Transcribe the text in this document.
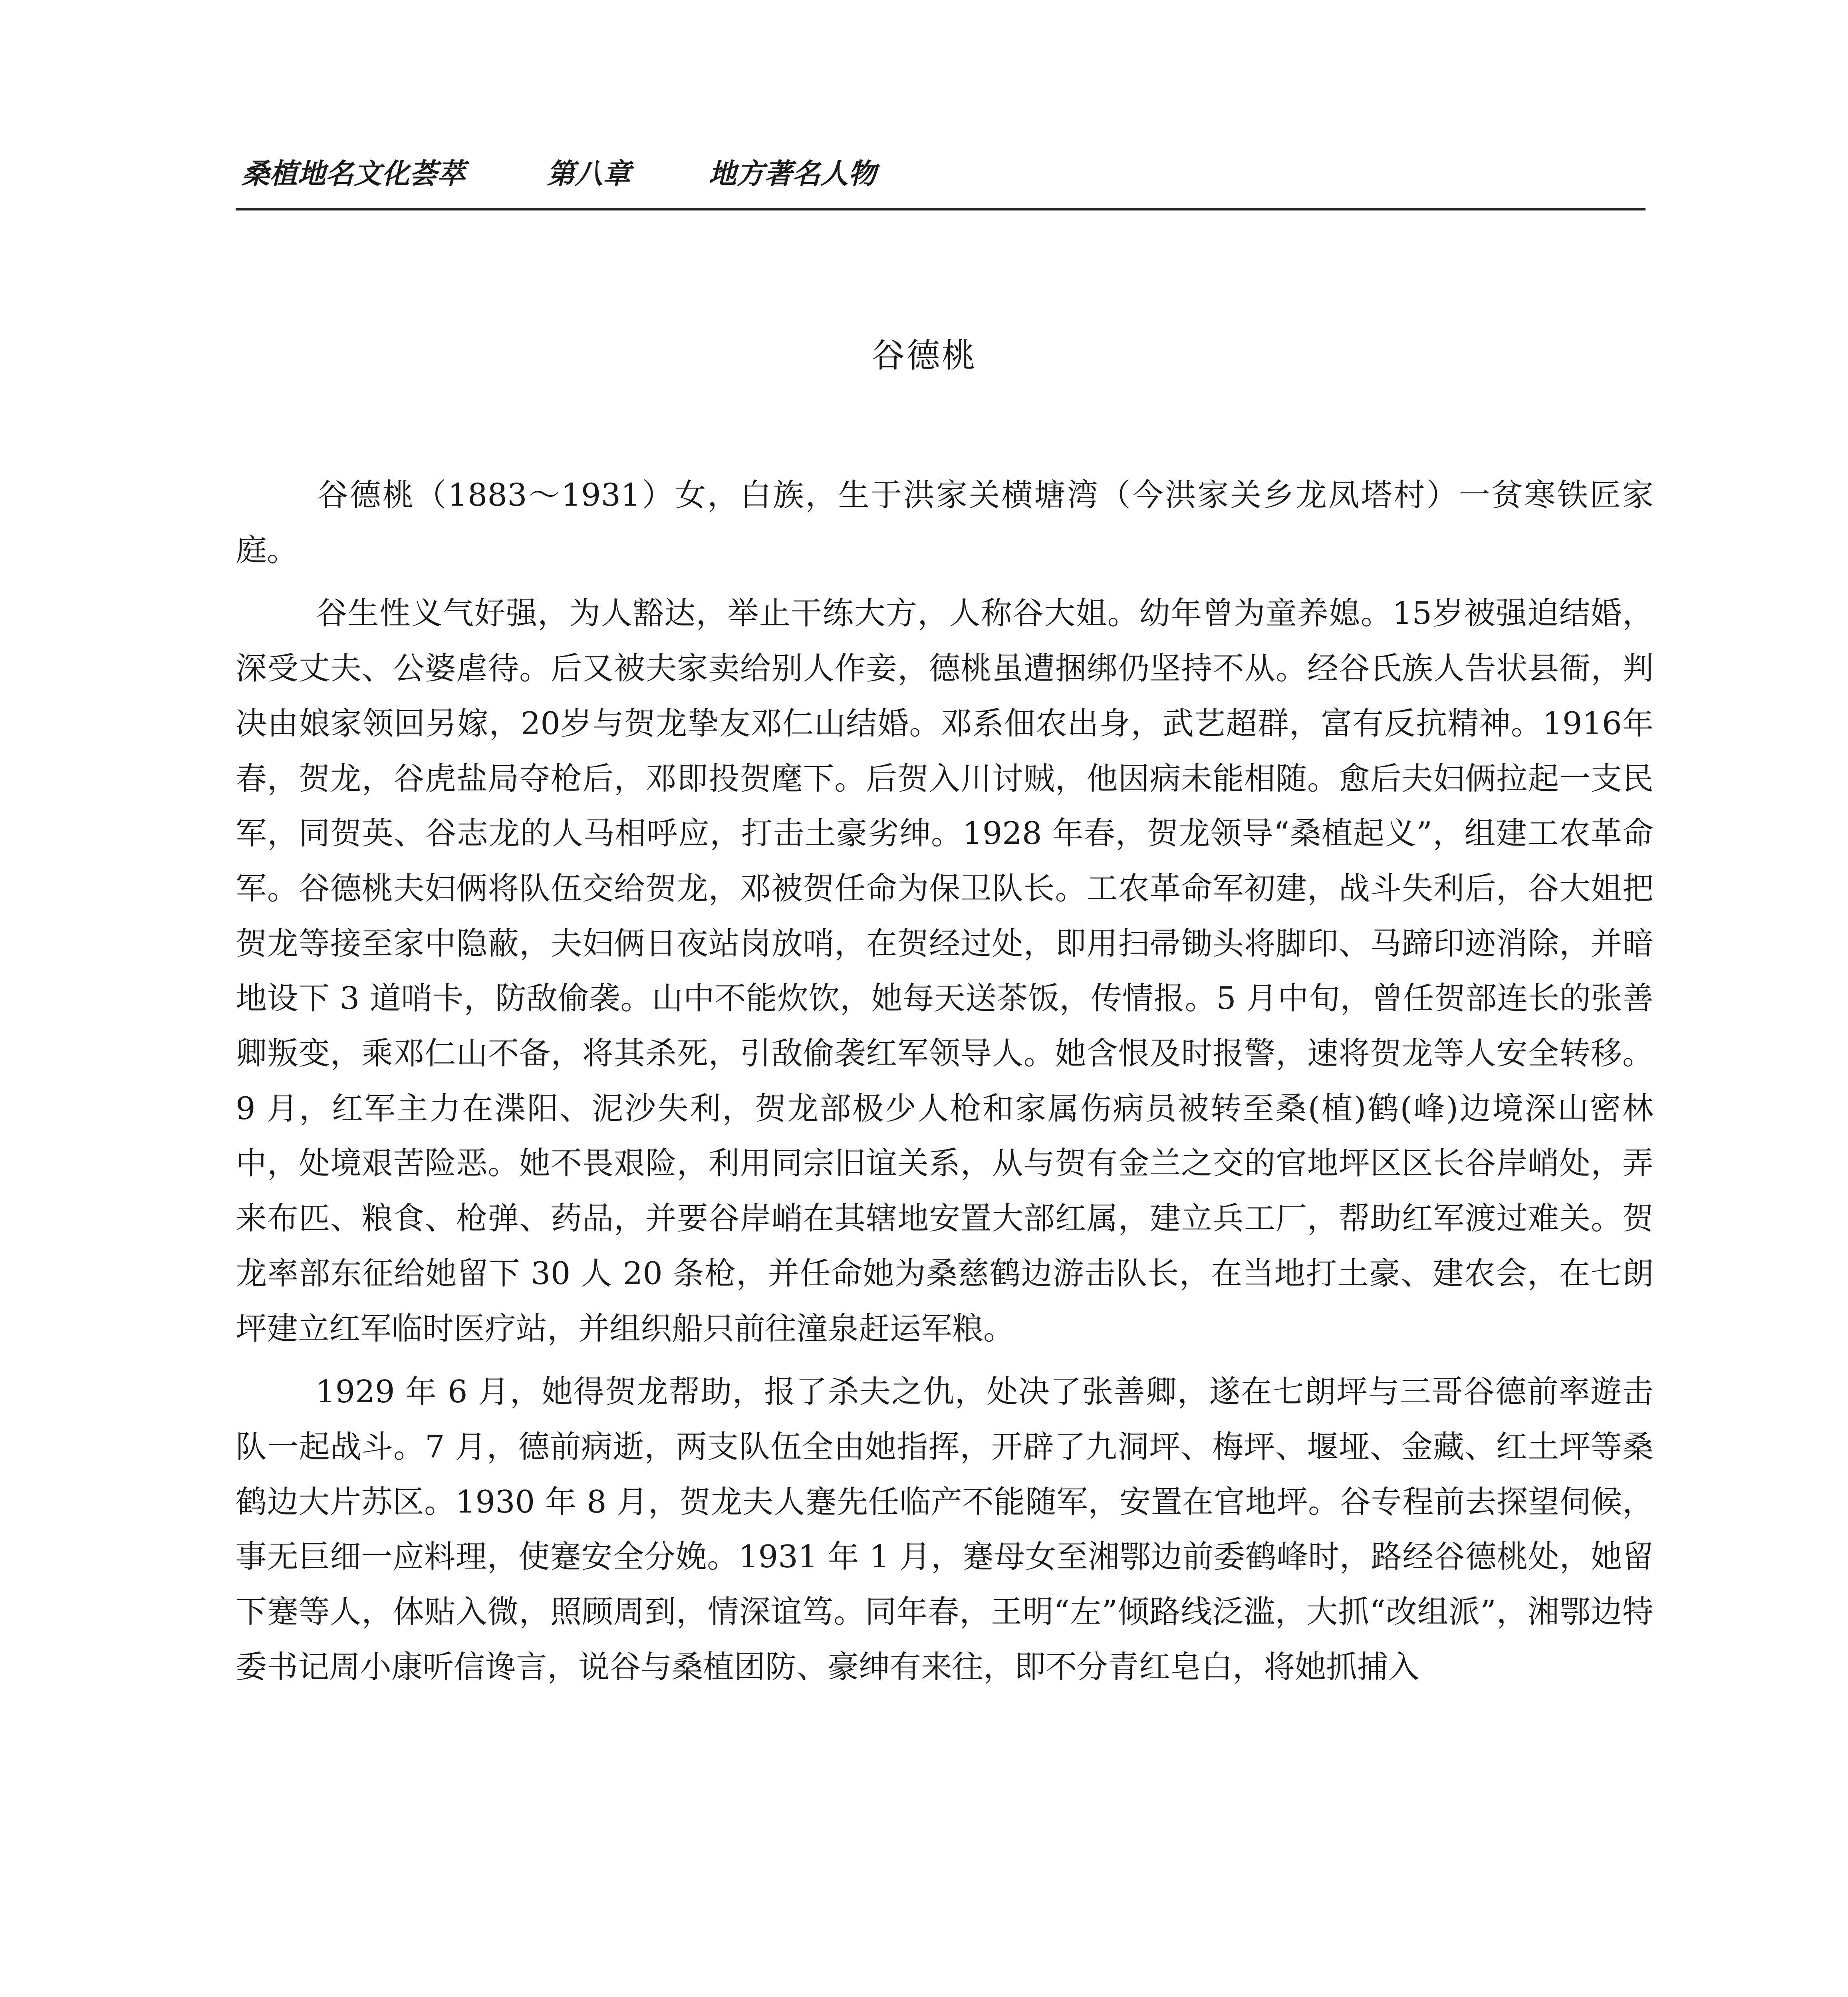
桑植地名文化荟萃	第八章	地方著名人物
谷德桃

谷德桃（1883～1931）女，白族，生于洪家关横塘湾（今洪家关乡龙凤塔村）一贫寒铁匠家庭。

谷生性义气好强，为人豁达，举止干练大方，人称谷大姐。幼年曾为童养媳。15岁被强迫结婚，深受丈夫、公婆虐待。后又被夫家卖给别人作妾，德桃虽遭捆绑仍坚持不从。经谷氏族人告状县衙，判决由娘家领回另嫁，20岁与贺龙挚友邓仁山结婚。邓系佃农出身，武艺超群，富有反抗精神。1916年春，贺龙，谷虎盐局夺枪后，邓即投贺麾下。后贺入川讨贼，他因病未能相随。愈后夫妇俩拉起一支民军，同贺英、谷志龙的人马相呼应，打击土豪劣绅。1928 年春，贺龙领导“桑植起义”，组建工农革命军。谷德桃夫妇俩将队伍交给贺龙，邓被贺任命为保卫队长。工农革命军初建，战斗失利后，谷大姐把贺龙等接至家中隐蔽，夫妇俩日夜站岗放哨，在贺经过处，即用扫帚锄头将脚印、马蹄印迹消除，并暗地设下 3 道哨卡，防敌偷袭。山中不能炊饮，她每天送茶饭，传情报。5 月中旬，曾任贺部连长的张善卿叛变，乘邓仁山不备，将其杀死，引敌偷袭红军领导人。她含恨及时报警，速将贺龙等人安全转移。9 月，红军主力在渫阳、泥沙失利，贺龙部极少人枪和家属伤病员被转至桑(植)鹤(峰)边境深山密林中，处境艰苦险恶。她不畏艰险，利用同宗旧谊关系，从与贺有金兰之交的官地坪区区长谷岸峭处，弄来布匹、粮食、枪弹、药品，并要谷岸峭在其辖地安置大部红属，建立兵工厂，帮助红军渡过难关。贺龙率部东征给她留下 30 人 20 条枪，并任命她为桑慈鹤边游击队长，在当地打土豪、建农会，在七朗坪建立红军临时医疗站，并组织船只前往潼泉赶运军粮。

1929 年 6 月，她得贺龙帮助，报了杀夫之仇，处决了张善卿，遂在七朗坪与三哥谷德前率遊击队一起战斗。7 月，德前病逝，两支队伍全由她指挥，开辟了九洞坪、梅坪、堰垭、金藏、红土坪等桑鹤边大片苏区。1930 年 8 月，贺龙夫人蹇先任临产不能随军，安置在官地坪。谷专程前去探望伺候，事无巨细一应料理，使蹇安全分娩。1931 年 1 月，蹇母女至湘鄂边前委鹤峰时，路经谷德桃处，她留下蹇等人，体贴入微，照顾周到，情深谊笃。同年春，王明“左”倾路线泛滥，大抓“改组派”，湘鄂边特委书记周小康听信谗言，说谷与桑植团防、豪绅有来往，即不分青红皂白，将她抓捕入
